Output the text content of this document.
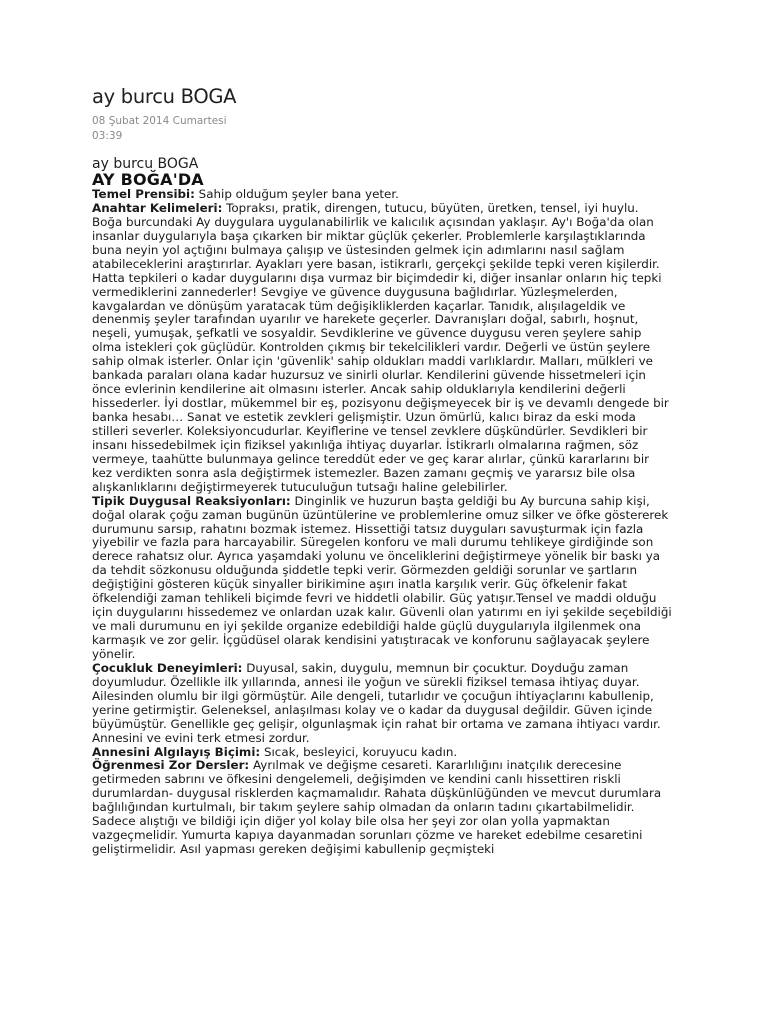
ay burcu BOGA
08 Şubat 2014 Cumartesi
03:39
ay burcu BOGA
AY BOĞA'DA

Temel Prensibi: Sahip olduğum şeyler bana yeter.

Anahtar Kelimeleri: Topraksı, pratik, direngen, tutucu, büyüten, üretken, tensel, iyi huylu.

Boğa burcundaki Ay duygulara uygulanabilirlik ve kalıcılık açısından yaklaşır. Ay'ı Boğa'da olan insanlar duygularıyla başa çıkarken bir miktar güçlük çekerler. Problemlerle karşılaştıklarında buna neyin yol açtığını bulmaya çalışıp ve üstesinden gelmek için adımlarını nasıl sağlam atabileceklerini araştırırlar. Ayakları yere basan, istikrarlı, gerçekçi şekilde tepki veren kişilerdir. Hatta tepkileri o kadar duygularını dışa vurmaz bir biçimdedir ki, diğer insanlar onların hiç tepki vermediklerini zannederler! Sevgiye ve güvence duygusuna bağlıdırlar. Yüzleşmelerden, kavgalardan ve dönüşüm yaratacak tüm değişikliklerden kaçarlar. Tanıdık, alışılageldik ve denenmiş şeyler tarafından uyarılır ve harekete geçerler. Davranışları doğal, sabırlı, hoşnut, neşeli, yumuşak, şefkatli ve sosyaldir. Sevdiklerine ve güvence duygusu veren şeylere sahip olma istekleri çok güçlüdür. Kontrolden çıkmış bir tekelcilikleri vardır. Değerli ve üstün şeylere sahip olmak isterler. Onlar için 'güvenlik' sahip oldukları maddi varlıklardır. Malları, mülkleri ve bankada paraları olana kadar huzursuz ve sinirli olurlar. Kendilerini güvende hissetmeleri için önce evlerinin kendilerine ait olmasını isterler. Ancak sahip olduklarıyla kendilerini değerli hissederler. İyi dostlar, mükemmel bir eş, pozisyonu değişmeyecek bir iş ve devamlı dengede bir banka hesabı… Sanat ve estetik zevkleri gelişmiştir. Uzun ömürlü, kalıcı biraz da eski moda stilleri severler. Koleksiyoncudurlar. Keyiflerine ve tensel zevklere düşkündürler. Sevdikleri bir insanı hissedebilmek için fiziksel yakınlığa ihtiyaç duyarlar. İstikrarlı olmalarına rağmen, söz vermeye, taahütte bulunmaya gelince tereddüt eder ve geç karar alırlar, çünkü kararlarını bir kez verdikten sonra asla değiştirmek istemezler. Bazen zamanı geçmiş ve yararsız bile olsa alışkanlıklarını değiştirmeyerek tutuculuğun tutsağı haline gelebilirler.

Tipik Duygusal Reaksiyonları: Dinginlik ve huzurun başta geldiği bu Ay burcuna sahip kişi, doğal olarak çoğu zaman bugünün üzüntülerine ve problemlerine omuz silker ve öfke göstererek durumunu sarsıp, rahatını bozmak istemez. Hissettiği tatsız duyguları savuşturmak için fazla yiyebilir ve fazla para harcayabilir. Süregelen konforu ve mali durumu tehlikeye girdiğinde son derece rahatsız olur. Ayrıca yaşamdaki yolunu ve önceliklerini değiştirmeye yönelik bir baskı ya da tehdit sözkonusu olduğunda şiddetle tepki verir. Görmezden geldiği sorunlar ve şartların değiştiğini gösteren küçük sinyaller birikimine aşırı inatla karşılık verir. Güç öfkelenir fakat öfkelendiği zaman tehlikeli biçimde fevri ve hiddetli olabilir. Güç yatışır.Tensel ve maddi olduğu için duygularını hissedemez ve onlardan uzak kalır. Güvenli olan yatırımı en iyi şekilde seçebildiği ve mali durumunu en iyi şekilde organize edebildiği halde güçlü duygularıyla ilgilenmek ona karmaşık ve zor gelir. İçgüdüsel olarak kendisini yatıştıracak ve konforunu sağlayacak şeylere yönelir.

Çocukluk Deneyimleri: Duyusal, sakin, duygulu, memnun bir çocuktur. Doyduğu zaman doyumludur. Özellikle ilk yıllarında, annesi ile yoğun ve sürekli fiziksel temasa ihtiyaç duyar. Ailesinden olumlu bir ilgi görmüştür. Aile dengeli, tutarlıdır ve çocuğun ihtiyaçlarını kabullenip, yerine getirmiştir. Geleneksel, anlaşılması kolay ve o kadar da duygusal değildir. Güven içinde büyümüştür. Genellikle geç gelişir, olgunlaşmak için rahat bir ortama ve zamana ihtiyacı vardır. Annesini ve evini terk etmesi zordur.

Annesini Algılayış Biçimi: Sıcak, besleyici, koruyucu kadın.

Öğrenmesi Zor Dersler: Ayrılmak ve değişme cesareti. Kararlılığını inatçılık derecesine getirmeden sabrını ve öfkesini dengelemeli, değişimden ve kendini canlı hissettiren riskli durumlardan- duygusal risklerden kaçmamalıdır. Rahata düşkünlüğünden ve mevcut durumlara bağlılığından kurtulmalı, bir takım şeylere sahip olmadan da onların tadını çıkartabilmelidir. Sadece alıştığı ve bildiği için diğer yol kolay bile olsa her şeyi zor olan yolla yapmaktan vazgeçmelidir. Yumurta kapıya dayanmadan sorunları çözme ve hareket edebilme cesaretini geliştirmelidir. Asıl yapması gereken değişimi kabullenip geçmişteki
